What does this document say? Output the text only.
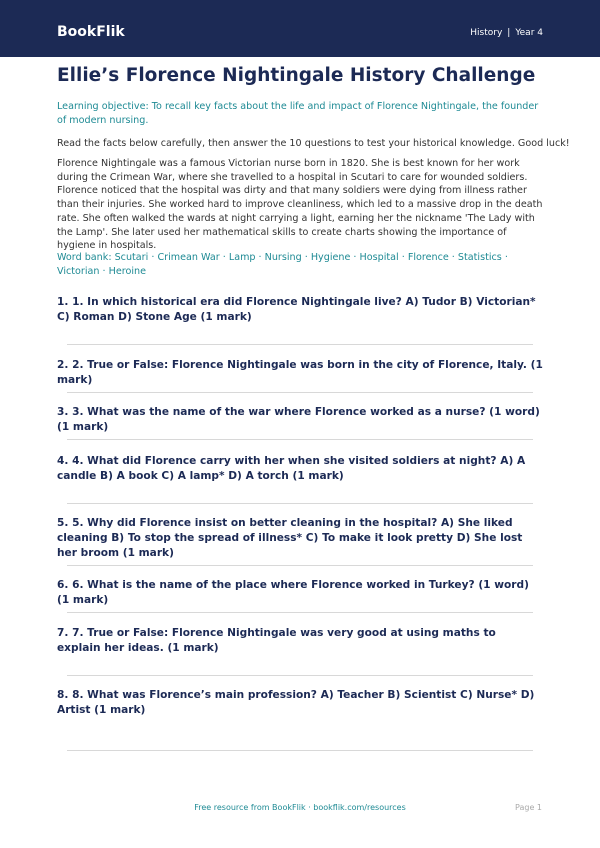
BookFlik	History | Year 4
Ellie’s Florence Nightingale History Challenge

Learning objective: To recall key facts about the life and impact of Florence Nightingale, the founder of modern nursing.

Read the facts below carefully, then answer the 10 questions to test your historical knowledge. Good luck!

Florence Nightingale was a famous Victorian nurse born in 1820. She is best known for her work during the Crimean War, where she travelled to a hospital in Scutari to care for wounded soldiers. Florence noticed that the hospital was dirty and that many soldiers were dying from illness rather than their injuries. She worked hard to improve cleanliness, which led to a massive drop in the death rate. She often walked the wards at night carrying a light, earning her the nickname 'The Lady with the Lamp'. She later used her mathematical skills to create charts showing the importance of hygiene in hospitals.

Word bank: Scutari · Crimean War · Lamp · Nursing · Hygiene · Hospital · Florence · Statistics · Victorian · Heroine

1. 1. In which historical era did Florence Nightingale live? A) Tudor B) Victorian* C) Roman D) Stone Age (1 mark)

2. 2. True or False: Florence Nightingale was born in the city of Florence, Italy. (1 mark)

3. 3. What was the name of the war where Florence worked as a nurse? (1 word) (1 mark)

4. 4. What did Florence carry with her when she visited soldiers at night? A) A candle B) A book C) A lamp* D) A torch (1 mark)

5. 5. Why did Florence insist on better cleaning in the hospital? A) She liked cleaning B) To stop the spread of illness* C) To make it look pretty D) She lost her broom (1 mark)

6. 6. What is the name of the place where Florence worked in Turkey? (1 word) (1 mark)

7. 7. True or False: Florence Nightingale was very good at using maths to explain her ideas. (1 mark)

8. 8. What was Florence’s main profession? A) Teacher B) Scientist C) Nurse* D) Artist (1 mark)

Free resource from BookFlik · bookflik.com/resources	Page 1
